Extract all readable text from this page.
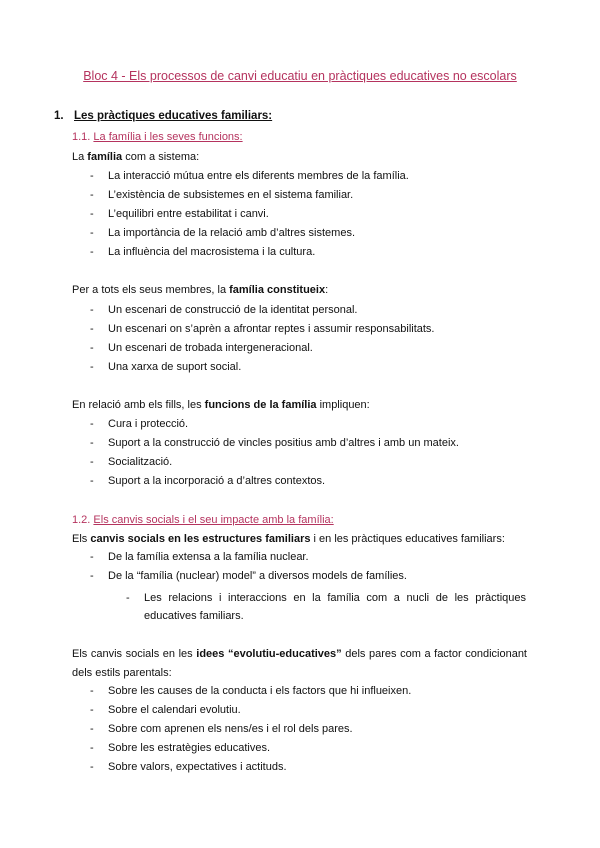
Bloc 4 - Els processos de canvi educatiu en pràctiques educatives no escolars
1. Les pràctiques educatives familiars:
1.1. La família i les seves funcions:
La família com a sistema:
- La interacció mútua entre els diferents membres de la família.
- L’existència de subsistemes en el sistema familiar.
- L’equilibri entre estabilitat i canvi.
- La importància de la relació amb d’altres sistemes.
- La influència del macrosistema i la cultura.
Per a tots els seus membres, la família constitueix:
- Un escenari de construcció de la identitat personal.
- Un escenari on s’aprèn a afrontar reptes i assumir responsabilitats.
- Un escenari de trobada intergeneracional.
- Una xarxa de suport social.
En relació amb els fills, les funcions de la família impliquen:
- Cura i protecció.
- Suport a la construcció de vincles positius amb d’altres i amb un mateix.
- Socialització.
- Suport a la incorporació a d’altres contextos.
1.2. Els canvis socials i el seu impacte amb la família:
Els canvis socials en les estructures familiars i en les pràctiques educatives familiars:
- De la família extensa a la família nuclear.
- De la “família (nuclear) model” a diversos models de famílies.
- Les relacions i interaccions en la família com a nucli de les pràctiques educatives familiars.
Els canvis socials en les idees “evolutiu-educatives” dels pares com a factor condicionant dels estils parentals:
- Sobre les causes de la conducta i els factors que hi influeixen.
- Sobre el calendari evolutiu.
- Sobre com aprenen els nens/es i el rol dels pares.
- Sobre les estratègies educatives.
- Sobre valors, expectatives i actituds.
